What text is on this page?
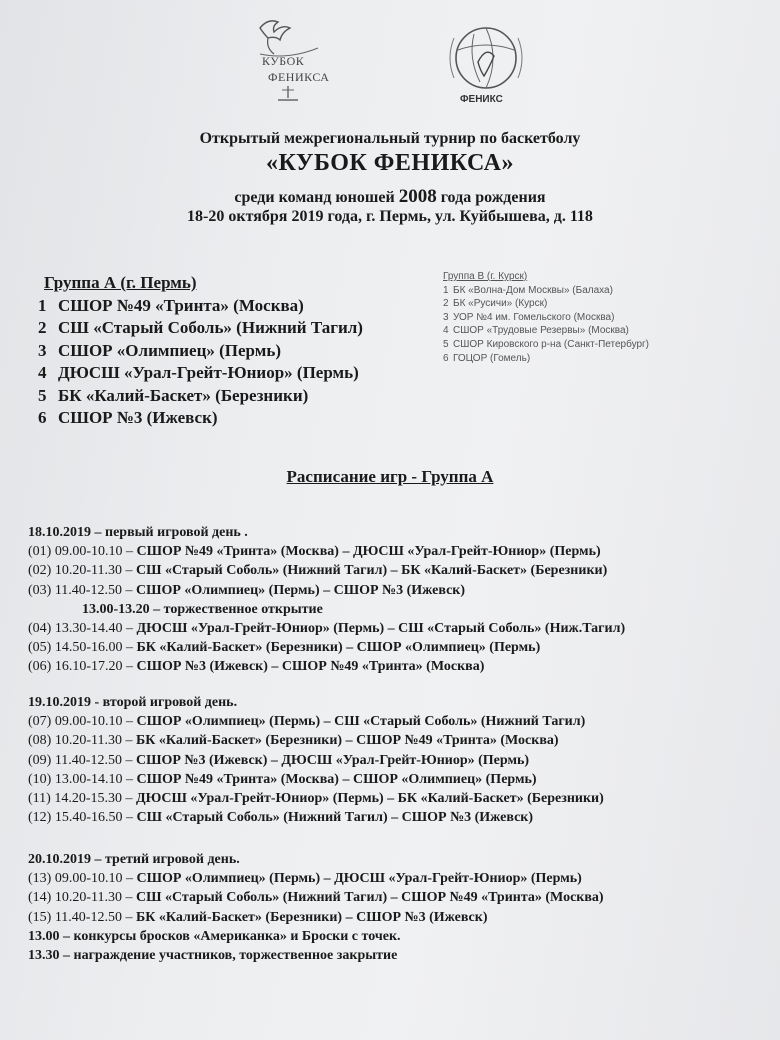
КУБОК
ФЕНИКСА
ФЕНИКС
Открытый межрегиональный турнир по баскетболу
«КУБОК ФЕНИКСА»
среди команд юношей 2008 года рождения
18-20 октября 2019 года, г. Пермь, ул. Куйбышева, д. 118
Группа А (г. Пермь)
1 СШОР №49 «Тринта» (Москва)
2 СШ «Старый Соболь» (Нижний Тагил)
3 СШОР «Олимпиец» (Пермь)
4 ДЮСШ «Урал-Грейт-Юниор» (Пермь)
5 БК «Калий-Баскет» (Березники)
6 СШОР №3 (Ижевск)
Группа В (г. Курск)
1 БК «Волна-Дом Москвы» (Балаха)
2 БК «Русичи» (Курск)
3 УОР №4 им. Гомельского (Москва)
4 СШОР «Трудовые Резервы» (Москва)
5 СШОР Кировского р-на (Санкт-Петербург)
6 ГОЦОР (Гомель)
Расписание игр - Группа А
18.10.2019 – первый игровой день .
(01) 09.00-10.10 – СШОР №49 «Тринта» (Москва) – ДЮСШ «Урал-Грейт-Юниор» (Пермь)
(02) 10.20-11.30 – СШ «Старый Соболь» (Нижний Тагил) – БК «Калий-Баскет» (Березники)
(03) 11.40-12.50 – СШОР «Олимпиец» (Пермь) – СШОР №3 (Ижевск)
13.00-13.20 – торжественное открытие
(04) 13.30-14.40 – ДЮСШ «Урал-Грейт-Юниор» (Пермь) – СШ «Старый Соболь» (Ниж.Тагил)
(05) 14.50-16.00 – БК «Калий-Баскет» (Березники) – СШОР «Олимпиец» (Пермь)
(06) 16.10-17.20 – СШОР №3 (Ижевск) – СШОР №49 «Тринта» (Москва)
19.10.2019 - второй игровой день.
(07) 09.00-10.10 – СШОР «Олимпиец» (Пермь) – СШ «Старый Соболь» (Нижний Тагил)
(08) 10.20-11.30 – БК «Калий-Баскет» (Березники) – СШОР №49 «Тринта» (Москва)
(09) 11.40-12.50 – СШОР №3 (Ижевск) – ДЮСШ «Урал-Грейт-Юниор» (Пермь)
(10) 13.00-14.10 – СШОР №49 «Тринта» (Москва) – СШОР «Олимпиец» (Пермь)
(11) 14.20-15.30 – ДЮСШ «Урал-Грейт-Юниор» (Пермь) – БК «Калий-Баскет» (Березники)
(12) 15.40-16.50 – СШ «Старый Соболь» (Нижний Тагил) – СШОР №3 (Ижевск)
20.10.2019 – третий игровой день.
(13) 09.00-10.10 – СШОР «Олимпиец» (Пермь) – ДЮСШ «Урал-Грейт-Юниор» (Пермь)
(14) 10.20-11.30 – СШ «Старый Соболь» (Нижний Тагил) – СШОР №49 «Тринта» (Москва)
(15) 11.40-12.50 – БК «Калий-Баскет» (Березники) – СШОР №3 (Ижевск)
13.00 – конкурсы бросков «Американка» и Броски с точек.
13.30 – награждение участников, торжественное закрытие
